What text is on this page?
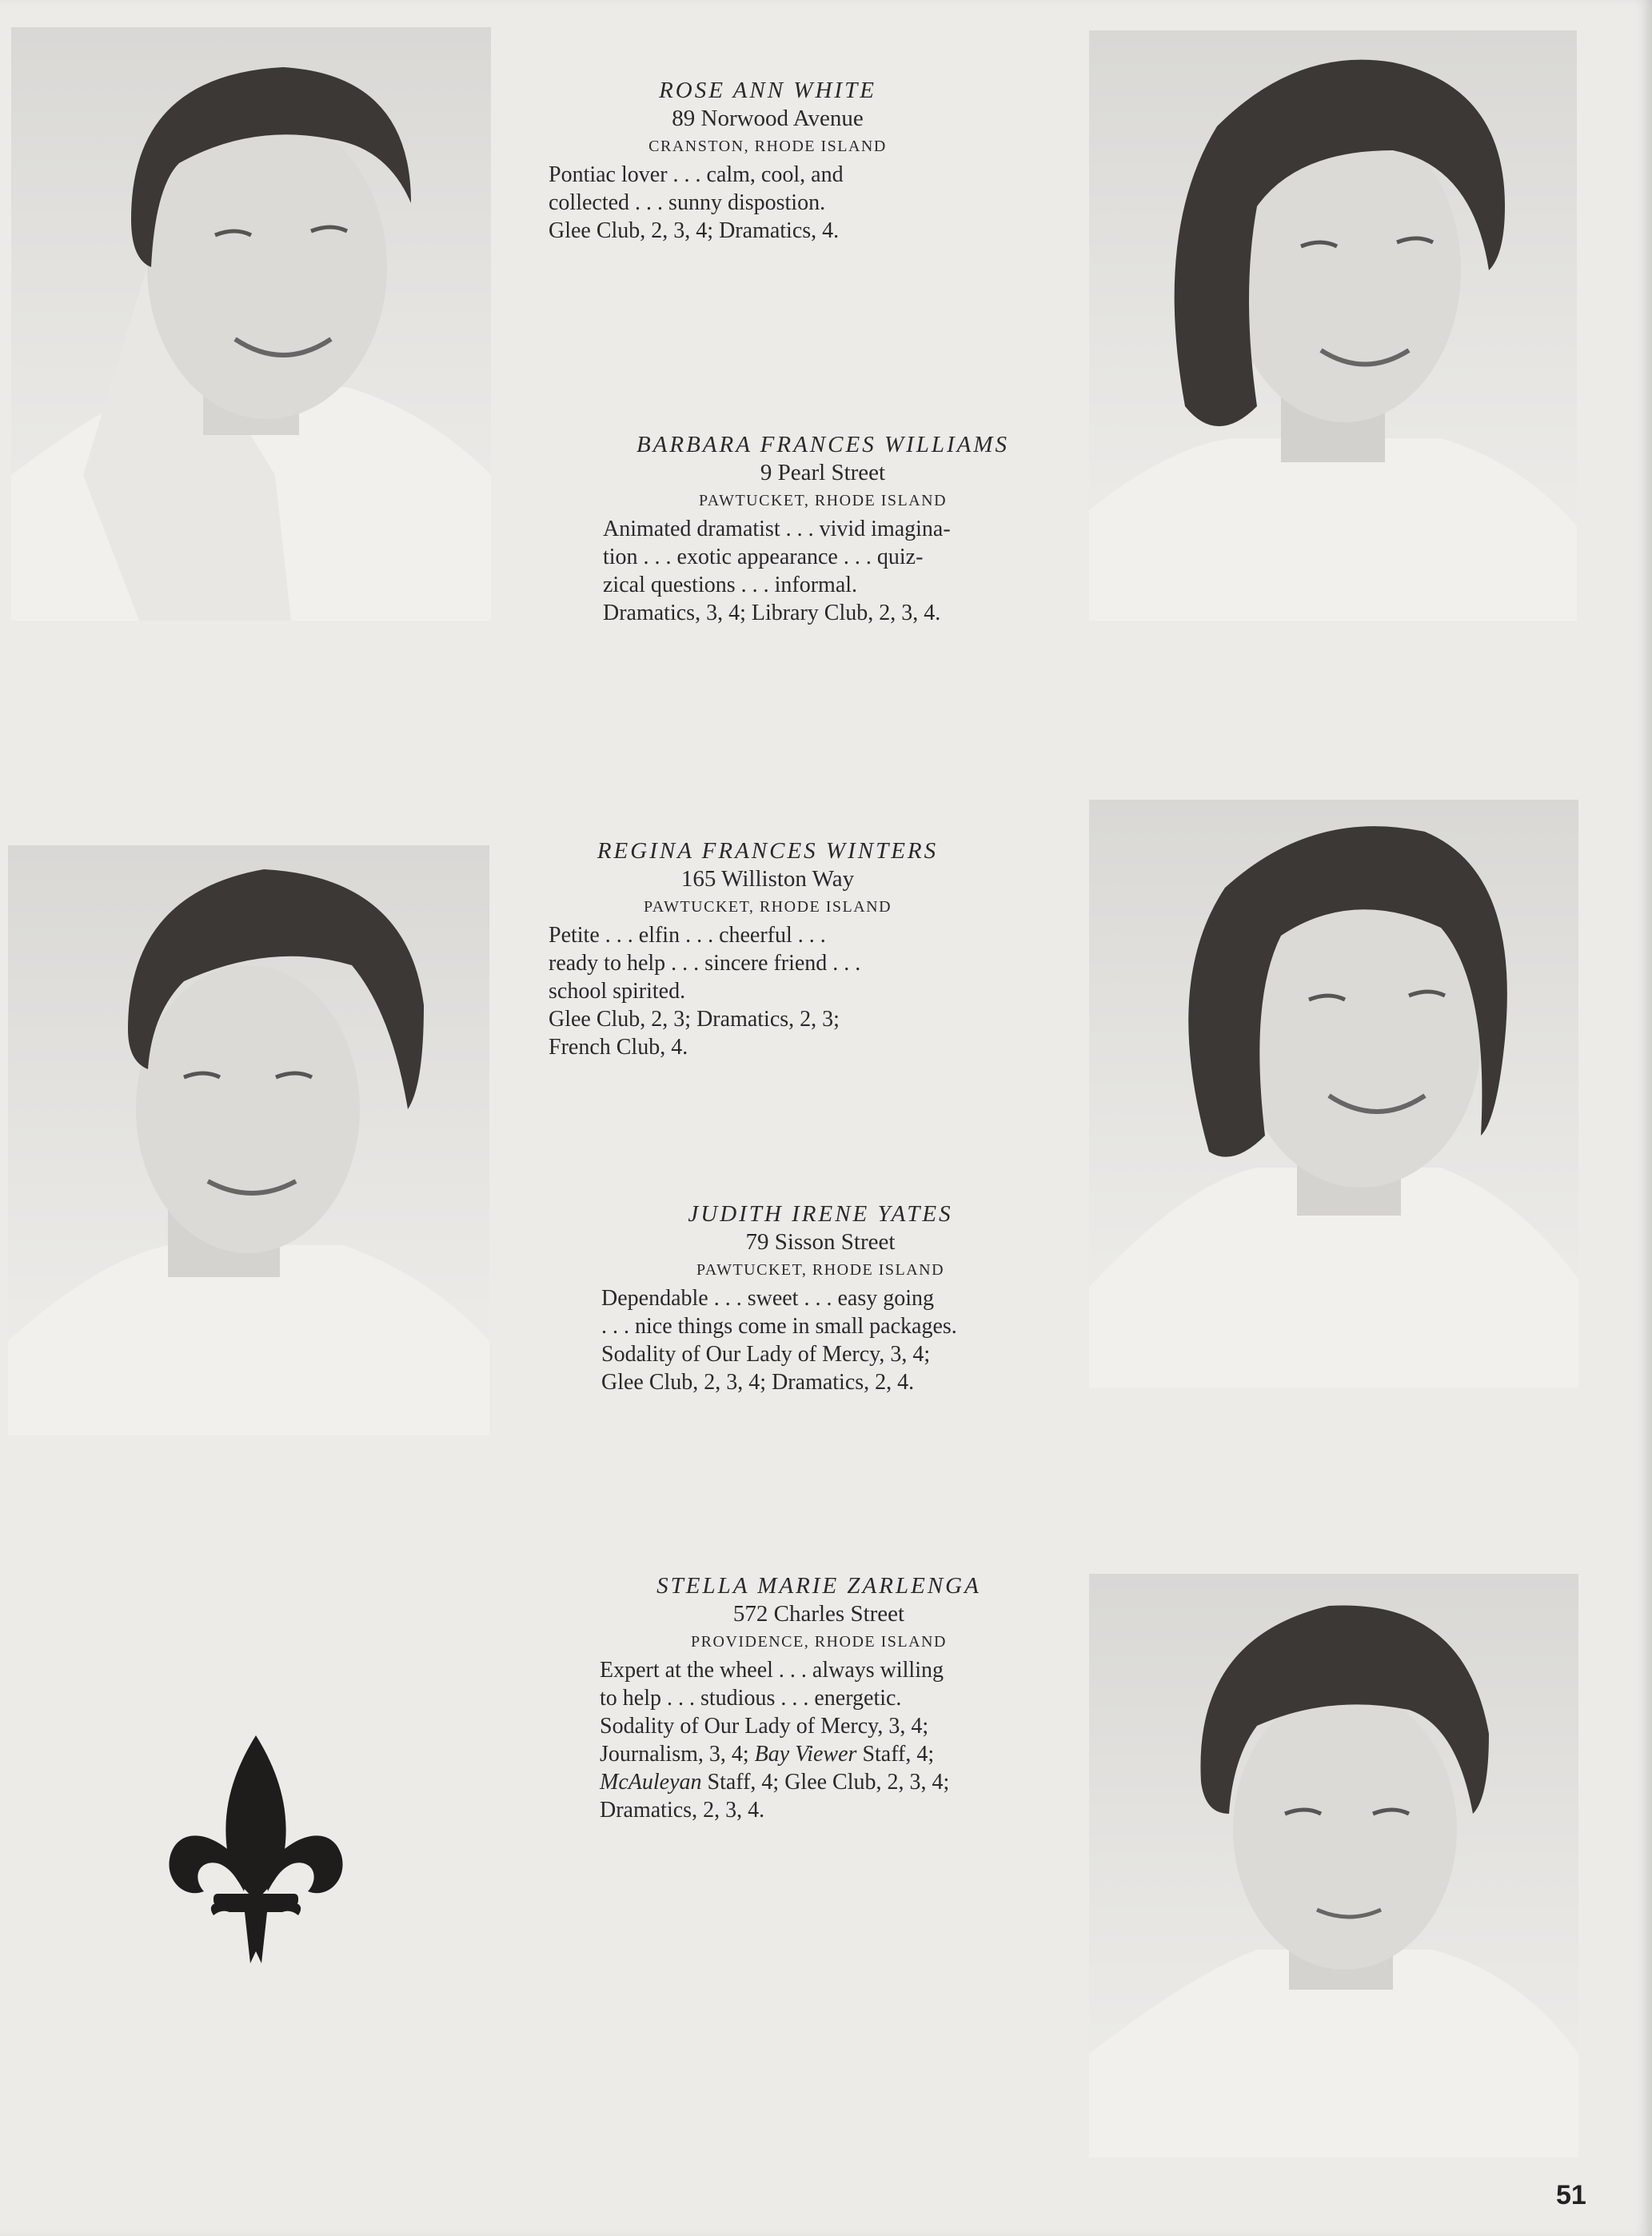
ROSE ANN WHITE
89 Norwood Avenue
CRANSTON, RHODE ISLAND
Pontiac lover . . . calm, cool, and
collected . . . sunny dispostion.
Glee Club, 2, 3, 4; Dramatics, 4.
BARBARA FRANCES WILLIAMS
9 Pearl Street
PAWTUCKET, RHODE ISLAND
Animated dramatist . . . vivid imagina-
tion . . . exotic appearance . . . quiz-
zical questions . . . informal.
Dramatics, 3, 4; Library Club, 2, 3, 4.
REGINA FRANCES WINTERS
165 Williston Way
PAWTUCKET, RHODE ISLAND
Petite . . . elfin . . . cheerful . . .
ready to help . . . sincere friend . . .
school spirited.
Glee Club, 2, 3; Dramatics, 2, 3;
French Club, 4.
JUDITH IRENE YATES
79 Sisson Street
PAWTUCKET, RHODE ISLAND
Dependable . . . sweet . . . easy going
. . . nice things come in small packages.
Sodality of Our Lady of Mercy, 3, 4;
Glee Club, 2, 3, 4; Dramatics, 2, 4.
STELLA MARIE ZARLENGA
572 Charles Street
PROVIDENCE, RHODE ISLAND
Expert at the wheel . . . always willing
to help . . . studious . . . energetic.
Sodality of Our Lady of Mercy, 3, 4;
Journalism, 3, 4; Bay Viewer Staff, 4;
McAuleyan Staff, 4; Glee Club, 2, 3, 4;
Dramatics, 2, 3, 4.
51
